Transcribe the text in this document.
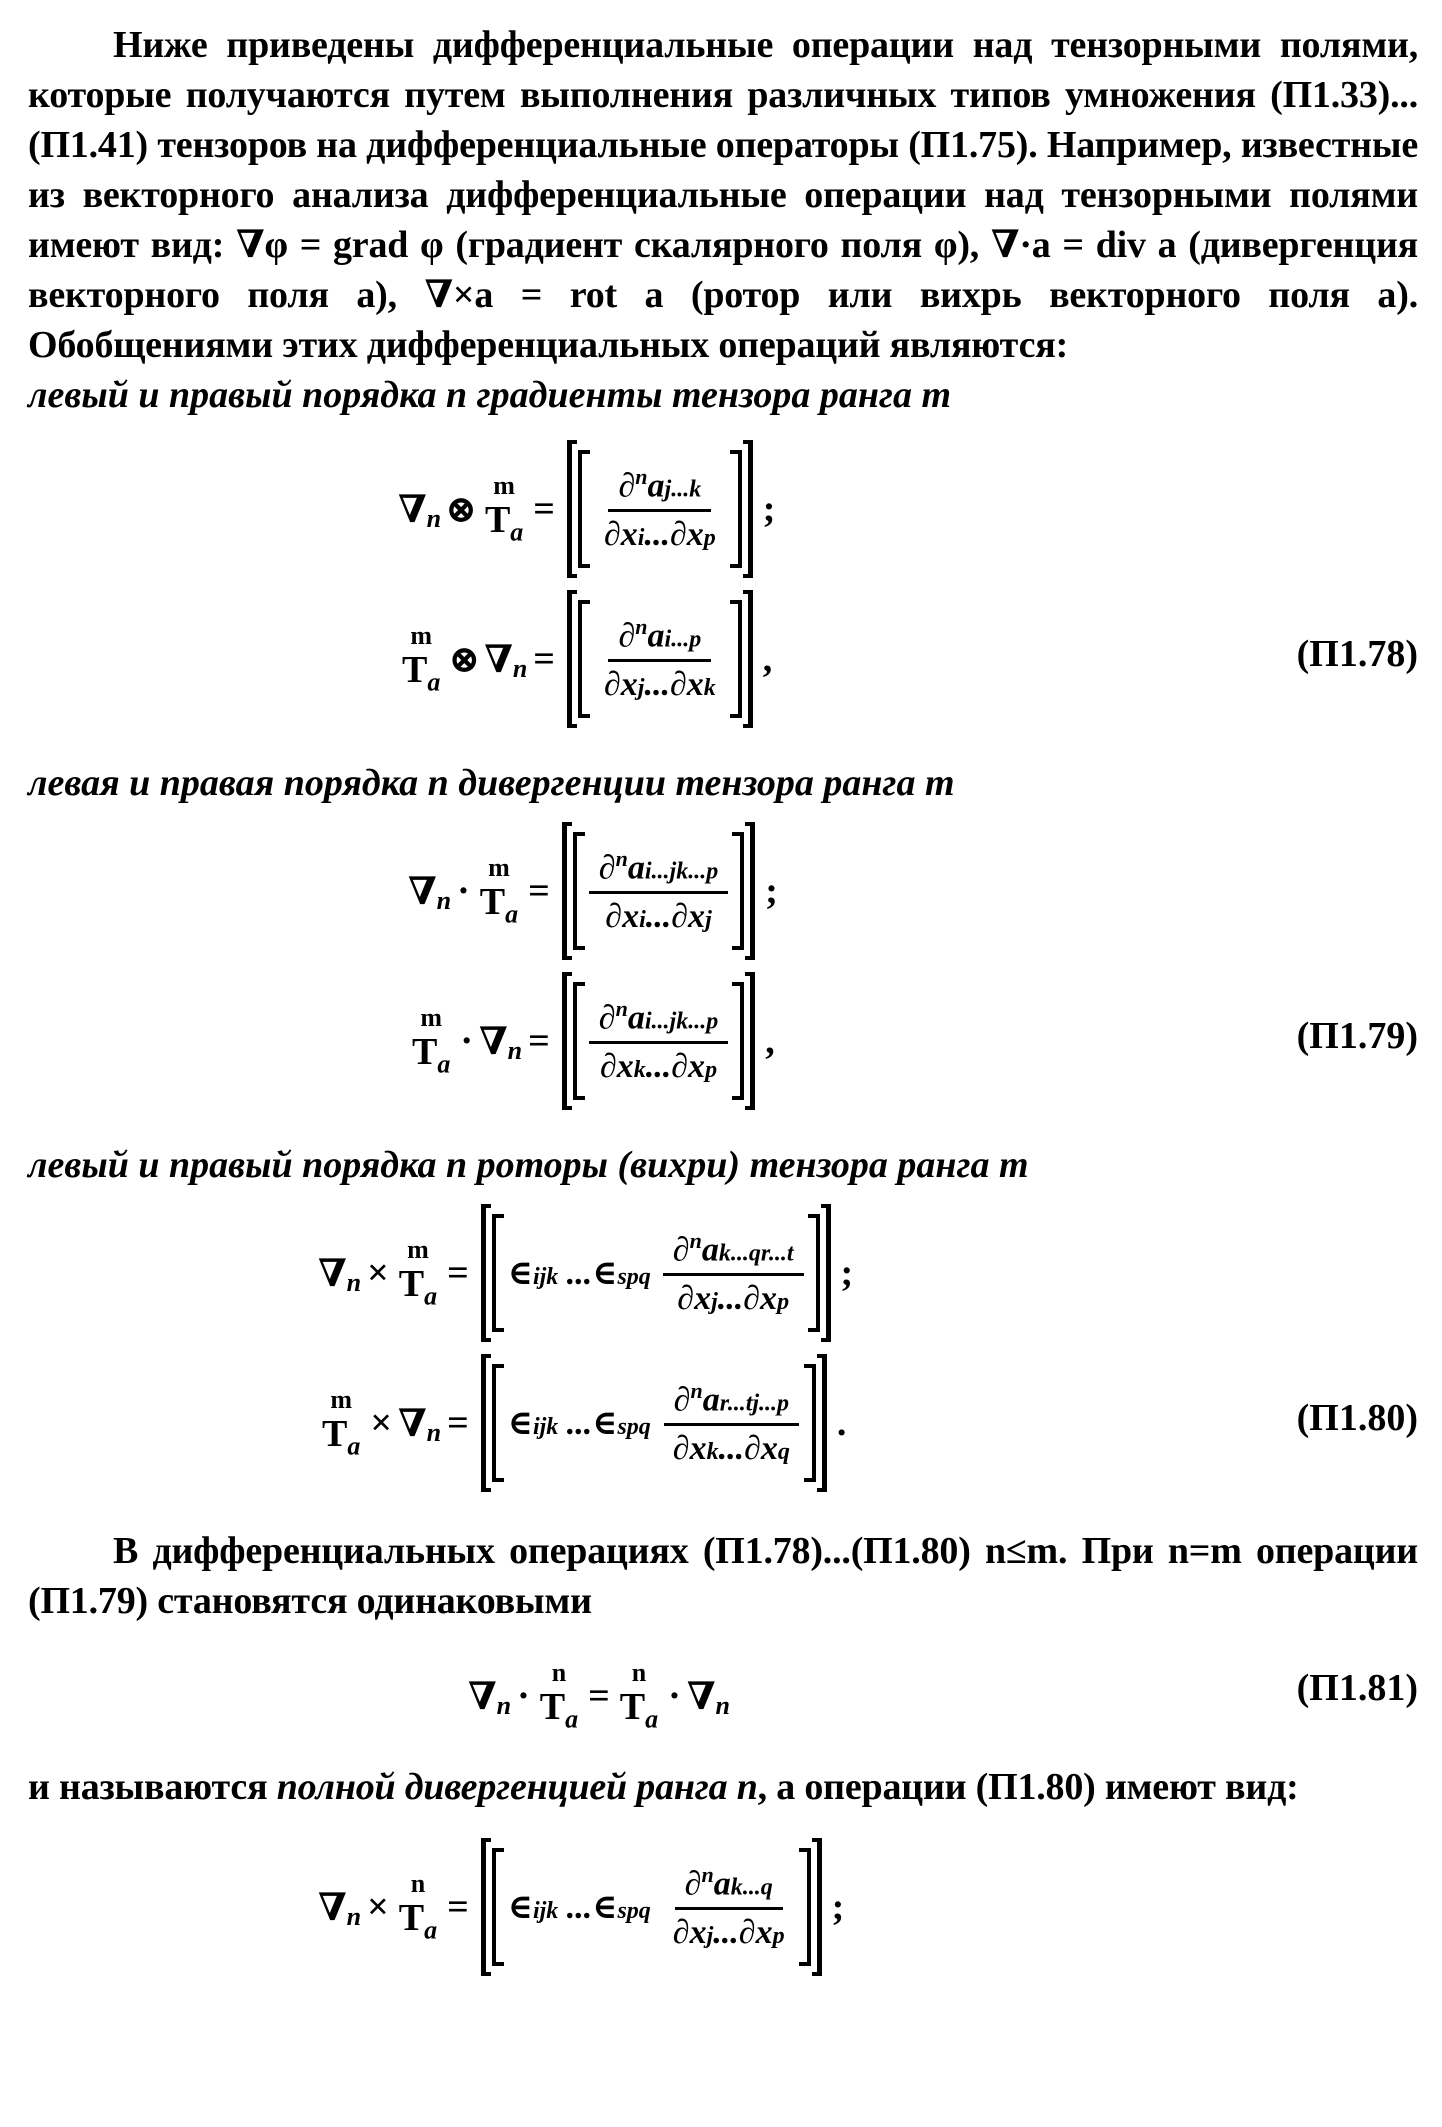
Ниже приведены дифференциальные операции над тензорными полями, которые получаются путем выполнения различных типов умножения (П1.33)...(П1.41) тензоров на дифференциальные операторы (П1.75). Например, известные из векторного анализа дифференциальные операции над тензорными полями имеют вид: ∇φ = grad φ (градиент скалярного поля φ), ∇·a = div a (дивергенция векторного поля a), ∇×a = rot a (ротор или вихрь векторного поля a). Обобщениями этих дифференциальных операций являются:

левый и правый порядка n градиенты тензора ранга m

∇ n ⊗
m
$T_a$
= $\frac{\partial^naj...k}{\partial xi...\partial xp}$ ;
m
$T_a$
⊗ ∇ $n = \frac{\partial^nai...p}{\partial xj...\partial xk}$ ,	(П1.78)

левая и правая порядка n дивергенции тензора ранга m

∇ n ·
m
$T_a$
= $\frac{\partial^nai...jk...p}{\partial xi...\partial xj}$ ;
m
$T_a$
· ∇ $n = \frac{\partial^nai...jk...p}{\partial xk...\partial xp}$ ,	(П1.79)

левый и правый порядка n роторы (вихри) тензора ранга m

∇ n ×
m
$T_a$
= ∈ijk ...∈spq $\frac{\partial^nak...qr...t}{\partial xj...\partial xp}$ ;
m
$T_a$
× ∇ n = ∈ijk ...∈spq $\frac{\partial^nar...tj...p}{\partial xk...\partial xq}$ .	(П1.80)

В дифференциальных операциях (П1.78)...(П1.80) n≤m. При n=m операции (П1.79) становятся одинаковыми

∇ n ·
n
$T_a$
=
n
$T_a$
· ∇ n	(П1.81)

и называются полной дивергенцией ранга n, а операции (П1.80) имеют вид:

∇ n ×
n
$T_a$
= ∈ijk ...∈spq $\frac{\partial^nak...q}{\partial xj...\partial xp}$ ;
